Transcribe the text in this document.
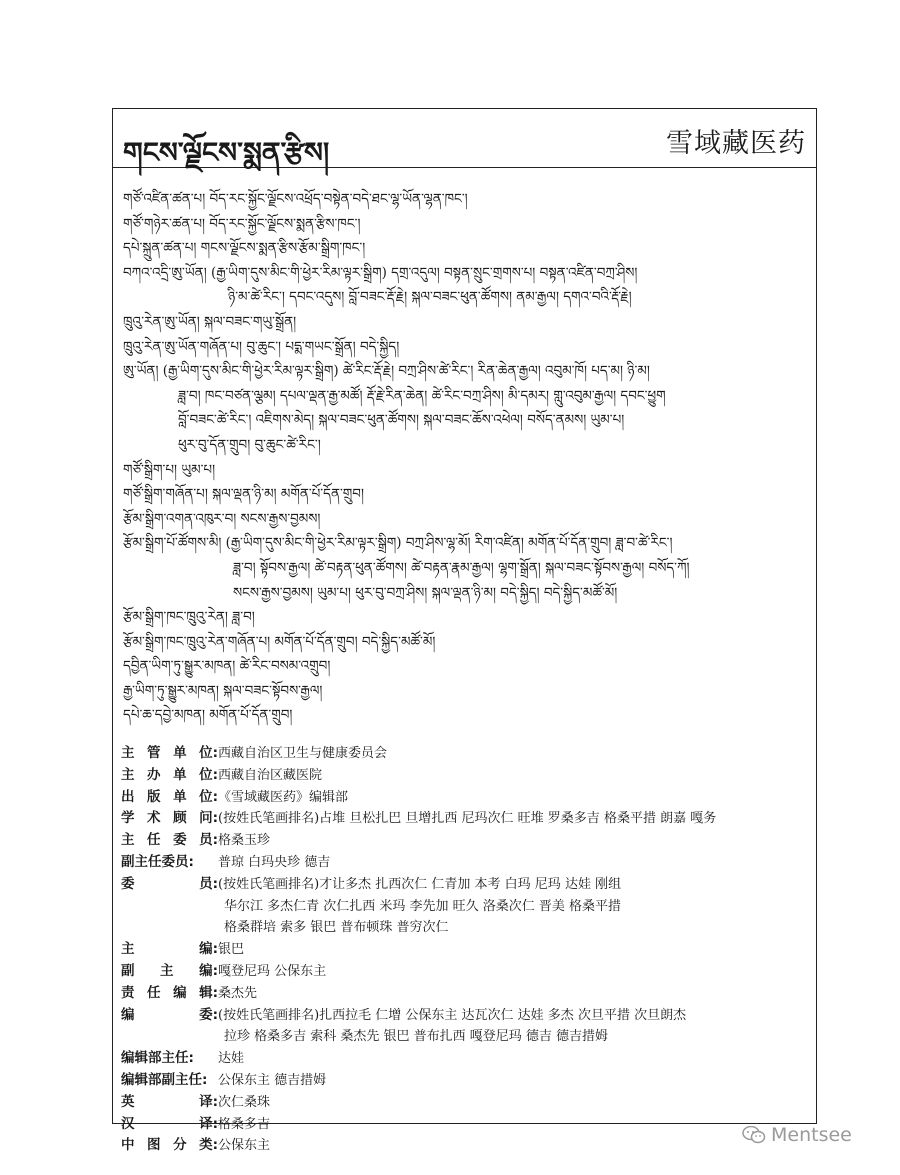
གངས་ལྗོངས་སྨན་རྩིས།	雪域藏医药
གཙོ་འཛིན་ཚན་པ། བོད་རང་སྐྱོང་ལྗོངས་འཕྲོད་བསྟེན་བདེ་ཐང་ལྷ་ཡོན་ལྷན་ཁང་།
གཙོ་གཉེར་ཚན་པ། བོད་རང་སྐྱོང་ལྗོངས་སྨན་རྩིས་ཁང་།
དཔེ་སྐྲུན་ཚན་པ། གངས་ལྗོངས་སྨན་རྩིས་རྩོམ་སྒྲིག་ཁང་།
བཀའ་འདྲི་ཨུ་ཡོན། (རྒྱ་ཡིག་དུས་མིང་གི་ཕྱེར་རིམ་ལྟར་སྒྲིག) དགྲ་འདུལ། བསྟན་སྲུང་གྲགས་པ། བསྟན་འཛིན་བཀྲ་ཤིས།
ཉི་མ་ཚེ་རིང་། དབང་འདུས། བློ་བཟང་རྡོ་རྗེ། སྐལ་བཟང་ཕུན་ཚོགས། ནམ་རྒྱལ། དགའ་བའི་རྡོ་རྗེ།
ཁྲུའུ་རེན་ཨུ་ཡོན། སྐལ་བཟང་གཡུ་སྒྲོན།
ཁྲུའུ་རེན་ཨུ་ཡོན་གཞོན་པ། བུ་ཆུང་། པདྨ་གཡང་སྒྲོན། བདེ་སྐྱིད།
ཨུ་ཡོན། (རྒྱ་ཡིག་དུས་མིང་གི་ཕྱེར་རིམ་ལྟར་སྒྲིག) ཚེ་རིང་རྡོ་རྗེ། བཀྲ་ཤིས་ཚེ་རིང་། རིན་ཆེན་རྒྱལ། འབུམ་ཁོ། པད་མ། ཉི་མ།
ཟླ་བ། ཁང་བཙན་ལྕམ། དཔལ་ལྡན་རྒྱ་མཚོ། རྡོ་རྗེ་རིན་ཆེན། ཚེ་རིང་བཀྲ་ཤིས། མི་དམར། གླུ་འབུམ་རྒྱལ། དབང་ཕྱུག
བློ་བཟང་ཚེ་རིང་། འཇིགས་མེད། སྐལ་བཟང་ཕུན་ཚོགས། སྐལ་བཟང་ཆོས་འཕེལ། བསོད་ནམས། ཡུམ་པ།
ཕུར་བུ་དོན་གྲུབ། བུ་ཆུང་ཚེ་རིང་།
གཙོ་སྒྲིག་པ། ཡུམ་པ།
གཙོ་སྒྲིག་གཞོན་པ། སྐལ་ལྡན་ཉི་མ། མགོན་པོ་དོན་གྲུབ།
རྩོམ་སྒྲིག་འགན་འཁུར་བ། སངས་རྒྱས་བྱམས།
རྩོམ་སྒྲིག་པོ་ཚོགས་མི། (རྒྱ་ཡིག་དུས་མིང་གི་ཕྱེར་རིམ་ལྟར་སྒྲིག) བཀྲ་ཤིས་ལྷ་མོ། རིག་འཛིན། མགོན་པོ་དོན་གྲུབ། ཟླ་བ་ཚེ་རིང་།
ཟླ་བ། སྟོབས་རྒྱལ། ཚེ་བརྟན་ཕུན་ཚོགས། ཚེ་བརྟན་རྣམ་རྒྱལ། ལྷག་སྒྲོན། སྐལ་བཟང་སྟོབས་རྒྱལ། བསོད་ཀོ།
སངས་རྒྱས་བྱམས། ཡུམ་པ། ཕུར་བུ་བཀྲ་ཤིས། སྐལ་ལྡན་ཉི་མ། བདེ་སྐྱིད། བདེ་སྐྱིད་མཚོ་མོ།
རྩོམ་སྒྲིག་ཁང་ཁྲུའུ་རེན། ཟླ་བ།
རྩོམ་སྒྲིག་ཁང་ཁྲུའུ་རེན་གཞོན་པ། མགོན་པོ་དོན་གྲུབ། བདེ་སྐྱིད་མཚོ་མོ།
དབྱིན་ཡིག་ཏུ་སྒྱུར་མཁན། ཚེ་རིང་བསམ་འགྲུབ།
རྒྱ་ཡིག་ཏུ་སྒྱུར་མཁན། སྐལ་བཟང་སྟོབས་རྒྱལ།
དཔེ་ཆ་དབྱེ་མཁན། མགོན་པོ་དོན་གྲུབ།
主 管 单 位: 西藏自治区卫生与健康委员会
主 办 单 位: 西藏自治区藏医院
出 版 单 位: 《雪域藏医药》编辑部
学 术 顾 问: (按姓氏笔画排名)占堆 旦松扎巴 旦增扎西 尼玛次仁 旺堆 罗桑多吉 格桑平措 朗嘉 嘎务
主 任 委 员: 格桑玉珍
副主任委员: 普琼 白玛央珍 德吉
委	员: (按姓氏笔画排名)才让多杰 扎西次仁 仁青加 本考 白玛 尼玛 达娃 刚组
华尔江 多杰仁青 次仁扎西 米玛 李先加 旺久 洛桑次仁 晋美 格桑平措
格桑群培 索多 银巴 普布顿珠 普穷次仁
主	编: 银巴
副 主 编: 嘎登尼玛 公保东主
责 任 编 辑: 桑杰先
编	委: (按姓氏笔画排名)扎西拉毛 仁增 公保东主 达瓦次仁 达娃 多杰 次旦平措 次旦朗杰
拉珍 格桑多吉 索科 桑杰先 银巴 普布扎西 嘎登尼玛 德吉 德吉措姆
编辑部主任: 达娃
编辑部副主任: 公保东主 德吉措姆
英	译: 次仁桑珠
汉	译: 格桑多吉
中 图 分 类: 公保东主	Mentsee
